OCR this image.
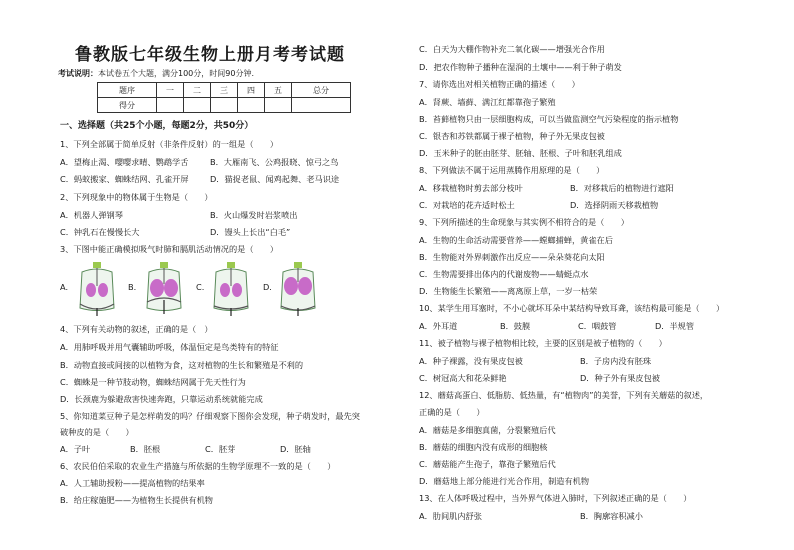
鲁教版七年级生物上册月考考试题
考试说明：本试卷五个大题，满分100分，时间90分钟.
题序	一	二	三	四	五	总分
得分						
一、选择题（共25个小题，每题2分，共50分）
1、下列全部属于简单反射（非条件反射）的一组是（　　）
A．望梅止渴、嘤嘤求晴、鹦鹉学舌	B．大雁南飞、公鸡报晓、惊弓之鸟
C．蚂蚁搬家、蜘蛛结网、孔雀开屏	D．猫捉老鼠、闻鸡起舞、老马识途
2、下列现象中的物体属于生物是（　　）
A．机器人弹钢琴	B．火山爆发时岩浆喷出
C．钟乳石在慢慢长大	D．馒头上长出“白毛”
3、下图中能正确模拟吸气时肺和膈肌活动情况的是（　　）
A.	B.	C.	D.
4、下列有关动物的叙述，正确的是（　）
A．用肺呼吸并用气囊辅助呼吸，体温恒定是鸟类特有的特征
B．动物直接或间接的以植物为食，这对植物的生长和繁殖是不利的
C．蜘蛛是一种节肢动物，蜘蛛结网属于先天性行为
D．长颈鹿为躲避敌害快速奔跑，只靠运动系统就能完成
5、你知道菜豆种子是怎样萌发的吗？仔细观察下图你会发现，种子萌发时，最先突
破种皮的是（　　）
A．子叶	B．胚根	C．胚芽	D．胚轴
6、农民伯伯采取的农业生产措施与所依据的生物学原理不一致的是（　　）
A．人工辅助授粉——提高植物的结果率
B．给庄稼施肥——为植物生长提供有机物
C．白天为大棚作物补充二氧化碳——增强光合作用
D．把农作物种子播种在湿润的土壤中——利于种子萌发
7、请你选出对相关植物正确的描述（　　）
A．肾蕨、墙藓、满江红都靠孢子繁殖
B．苔藓植物只由一层细胞构成，可以当做监测空气污染程度的指示植物
C．银杏和苏铁都属于裸子植物，种子外无果皮包被
D．玉米种子的胚由胚芽、胚轴、胚根、子叶和胚乳组成
8、下列做法不属于运用蒸腾作用原理的是（　　）
A．移栽植物时剪去部分枝叶	B．对移栽后的植物进行遮阳
C．对栽培的花卉适时松土	D．选择阴雨天移栽植物
9、下列所描述的生命现象与其实例不相符合的是（　　）
A．生物的生命活动需要营养——螳螂捕蝉，黄雀在后
B．生物能对外界刺激作出反应——朵朵葵花向太阳
C．生物需要排出体内的代谢废物——蜻蜓点水
D．生物能生长繁殖——离离原上草，一岁一枯荣
10、某学生用耳塞时，不小心就坏耳朵中某结构导致耳聋，该结构最可能是（　　）
A．外耳道	B．鼓膜	C．咽鼓管	D．半规管
11、被子植物与裸子植物相比较，主要的区别是被子植物的（　　）
A．种子裸露，没有果皮包被	B．子房内没有胚珠
C．树冠高大和花朵鲜艳	D．种子外有果皮包被
12、蘑菇高蛋白、低脂肪、低热量，有“植物肉”的美誉，下列有关蘑菇的叙述，
正确的是（　　）
A．蘑菇是多细胞真菌，分裂繁殖后代
B．蘑菇的细胞内没有成形的细胞核
C．蘑菇能产生孢子，靠孢子繁殖后代
D．蘑菇地上部分能进行光合作用，制造有机物
13、在人体呼吸过程中，当外界气体进入肺时，下列叙述正确的是（　　）
A．肋间肌内舒张	B．胸廓容积减小
